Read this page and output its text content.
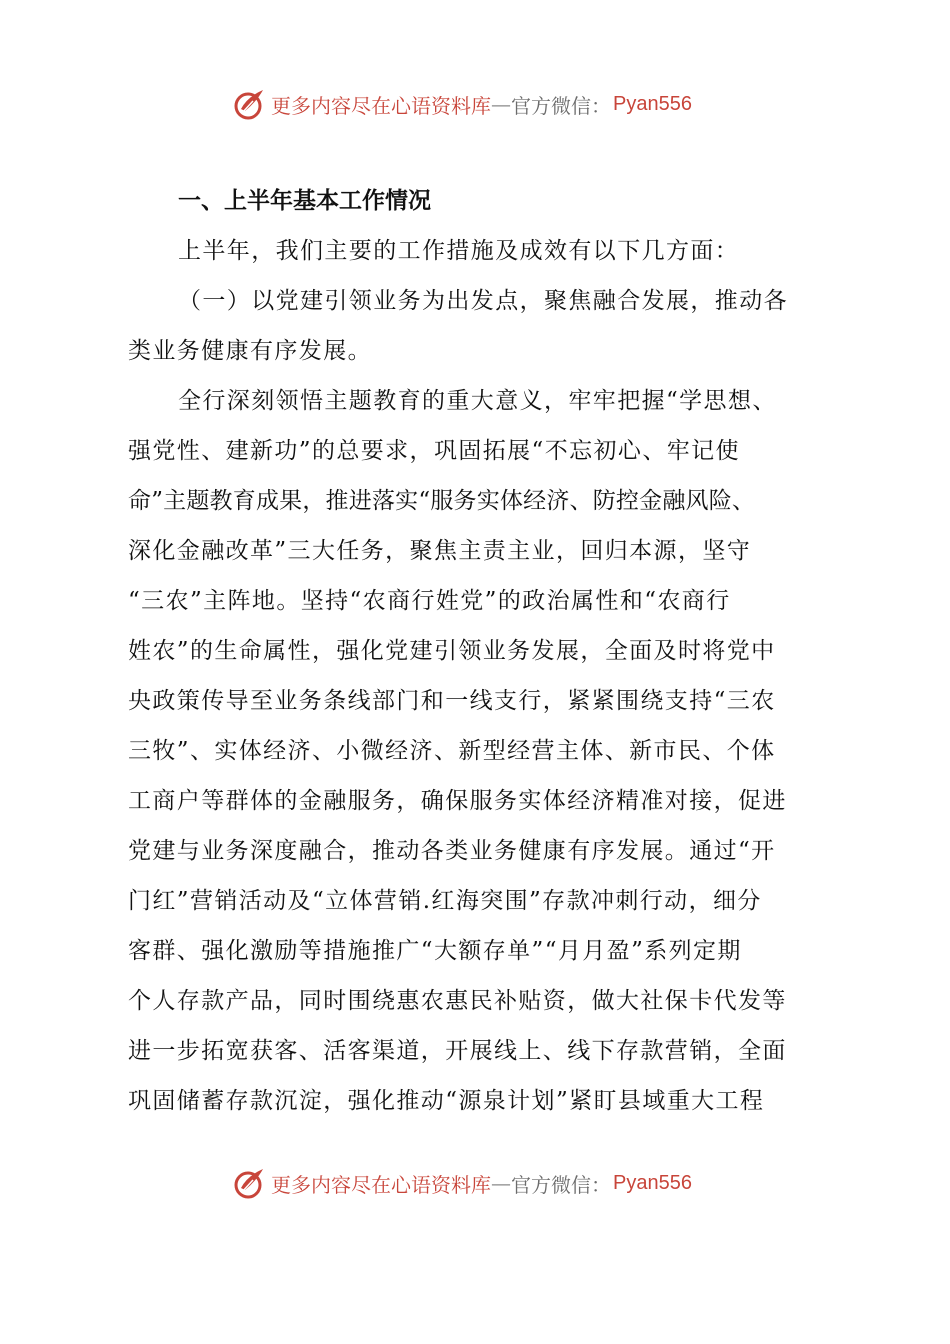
更多内容尽在心语资料库 — 官方微信： Pyan556
一、上半年基本工作情况
上半年，我们主要的工作措施及成效有以下几方面：
（一）以党建引领业务为出发点，聚焦融合发展，推动各
类业务健康有序发展。
全行深刻领悟主题教育的重大意义，牢牢把握“学思想、
强党性、建新功”的总要求，巩固拓展“不忘初心、牢记使
命”主题教育成果，推进落实“服务实体经济、防控金融风险、
深化金融改革”三大任务，聚焦主责主业，回归本源，坚守
“三农”主阵地。坚持“农商行姓党”的政治属性和“农商行
姓农”的生命属性，强化党建引领业务发展，全面及时将党中
央政策传导至业务条线部门和一线支行，紧紧围绕支持“三农
三牧”、实体经济、小微经济、新型经营主体、新市民、个体
工商户等群体的金融服务，确保服务实体经济精准对接，促进
党建与业务深度融合，推动各类业务健康有序发展。通过“开
门红”营销活动及“立体营销.红海突围”存款冲刺行动，细分
客群、强化激励等措施推广“大额存单”“月月盈”系列定期
个人存款产品，同时围绕惠农惠民补贴资，做大社保卡代发等
进一步拓宽获客、活客渠道，开展线上、线下存款营销，全面
巩固储蓄存款沉淀，强化推动“源泉计划”紧盯县域重大工程
更多内容尽在心语资料库 — 官方微信： Pyan556
